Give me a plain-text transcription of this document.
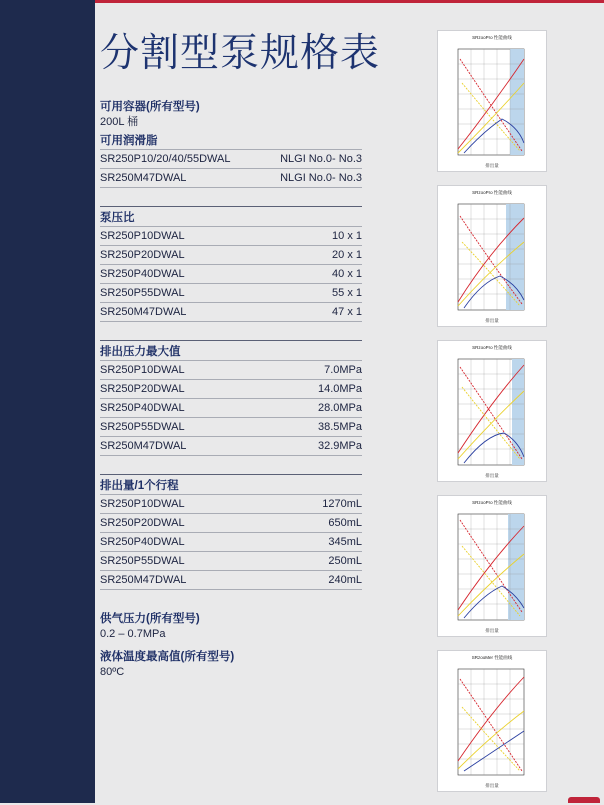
分割型泵规格表
可用容器(所有型号)
200L 桶
可用润滑脂
SR250P10/20/40/55DWAL	NLGI No.0- No.3
SR250M47DWAL	NLGI No.0- No.3
泵压比
SR250P10DWAL	10 x 1
SR250P20DWAL	20 x 1
SR250P40DWAL	40 x 1
SR250P55DWAL	55 x 1
SR250M47DWAL	47 x 1
排出压力最大值
SR250P10DWAL	7.0MPa
SR250P20DWAL	14.0MPa
SR250P40DWAL	28.0MPa
SR250P55DWAL	38.5MPa
SR250M47DWAL	32.9MPa
排出量/1个行程
SR250P10DWAL	1270mL
SR250P20DWAL	650mL
SR250P40DWAL	345mL
SR250P55DWAL	250mL
SR250M47DWAL	240mL
供气压力(所有型号)
0.2 – 0.7MPa
液体温度最高值(所有型号)
80ºC
SRzooPro 性能曲线
排出量
SRzooPro 性能曲线
排出量
SRzooPro 性能曲线
排出量
SRzooPro 性能曲线
排出量
SRzooMer 性能曲线
排出量
